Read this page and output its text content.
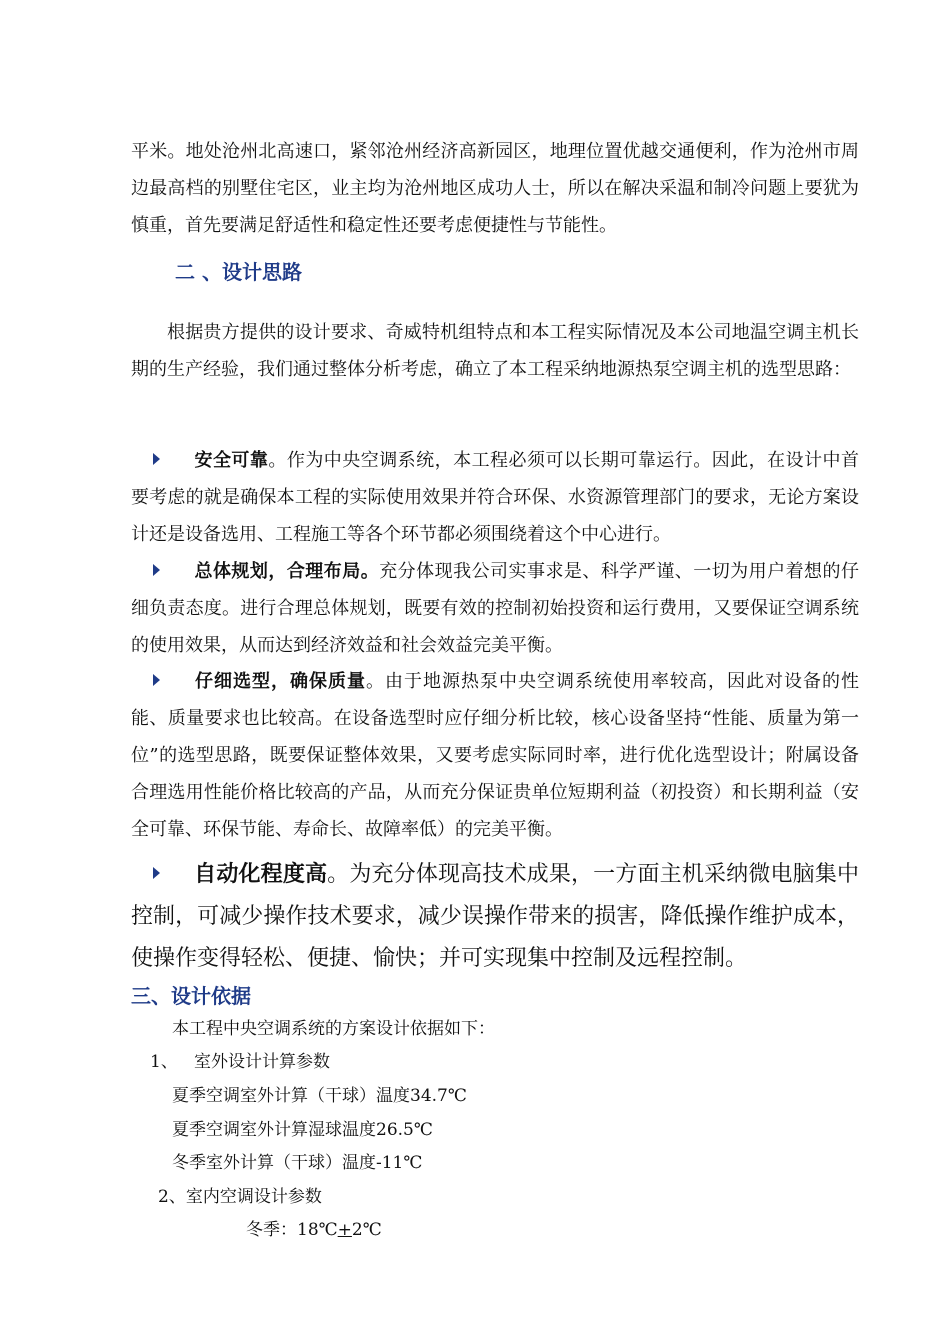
平米。地处沧州北高速口，紧邻沧州经济高新园区，地理位置优越交通便利，作为沧州市周边最高档的别墅住宅区，业主均为沧州地区成功人士，所以在解决采温和制冷问题上要犹为慎重，首先要满足舒适性和稳定性还要考虑便捷性与节能性。
二 、设计思路
根据贵方提供的设计要求、奇威特机组特点和本工程实际情况及本公司地温空调主机长期的生产经验，我们通过整体分析考虑，确立了本工程采纳地源热泵空调主机的选型思路：
安全可靠。作为中央空调系统，本工程必须可以长期可靠运行。因此，在设计中首要考虑的就是确保本工程的实际使用效果并符合环保、水资源管理部门的要求，无论方案设计还是设备选用、工程施工等各个环节都必须围绕着这个中心进行。
总体规划，合理布局。充分体现我公司实事求是、科学严谨、一切为用户着想的仔细负责态度。进行合理总体规划，既要有效的控制初始投资和运行费用，又要保证空调系统的使用效果，从而达到经济效益和社会效益完美平衡。
仔细选型，确保质量。由于地源热泵中央空调系统使用率较高，因此对设备的性能、质量要求也比较高。在设备选型时应仔细分析比较，核心设备坚持“性能、质量为第一位”的选型思路，既要保证整体效果，又要考虑实际同时率，进行优化选型设计；附属设备合理选用性能价格比较高的产品，从而充分保证贵单位短期利益（初投资）和长期利益（安全可靠、环保节能、寿命长、故障率低）的完美平衡。
自动化程度高。为充分体现高技术成果，一方面主机采纳微电脑集中控制，可减少操作技术要求，减少误操作带来的损害，降低操作维护成本，使操作变得轻松、便捷、愉快；并可实现集中控制及远程控制。
三、设计依据
本工程中央空调系统的方案设计依据如下：
1、   室外设计计算参数
夏季空调室外计算（干球）温度34.7℃
夏季空调室外计算湿球温度26.5℃
冬季室外计算（干球）温度-11℃
2、室内空调设计参数
冬季：18℃+2℃
